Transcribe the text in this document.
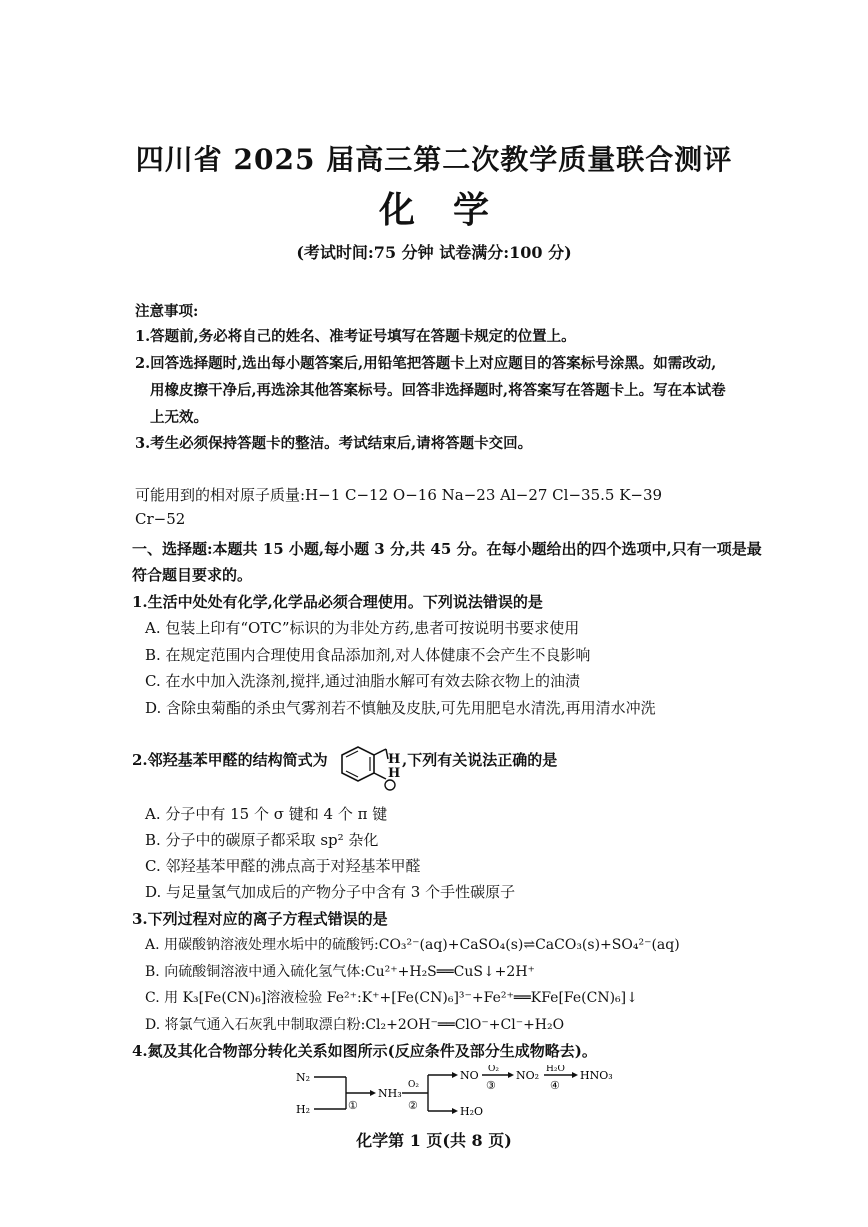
四川省 2025 届高三第二次教学质量联合测评
化学
(考试时间:75 分钟 试卷满分:100 分)
注意事项:
1.答题前,务必将自己的姓名、准考证号填写在答题卡规定的位置上。
2.回答选择题时,选出每小题答案后,用铅笔把答题卡上对应题目的答案标号涂黑。如需改动,
用橡皮擦干净后,再选涂其他答案标号。回答非选择题时,将答案写在答题卡上。写在本试卷
上无效。
3.考生必须保持答题卡的整洁。考试结束后,请将答题卡交回。
可能用到的相对原子质量:H−1 C−12 O−16 Na−23 Al−27 Cl−35.5 K−39
Cr−52
一、选择题:本题共 15 小题,每小题 3 分,共 45 分。在每小题给出的四个选项中,只有一项是最
符合题目要求的。
1.生活中处处有化学,化学品必须合理使用。下列说法错误的是
A. 包装上印有“OTC”标识的为非处方药,患者可按说明书要求使用
B. 在规定范围内合理使用食品添加剂,对人体健康不会产生不良影响
C. 在水中加入洗涤剂,搅拌,通过油脂水解可有效去除衣物上的油渍
D. 含除虫菊酯的杀虫气雾剂若不慎触及皮肤,可先用肥皂水清洗,再用清水冲洗
2.邻羟基苯甲醛的结构简式为	H
H
,下列有关说法正确的是
A. 分子中有 15 个 σ 键和 4 个 π 键
B. 分子中的碳原子都采取 sp² 杂化
C. 邻羟基苯甲醛的沸点高于对羟基苯甲醛
D. 与足量氢气加成后的产物分子中含有 3 个手性碳原子
3.下列过程对应的离子方程式错误的是
A. 用碳酸钠溶液处理水垢中的硫酸钙:CO₃²⁻(aq)+CaSO₄(s)⇌CaCO₃(s)+SO₄²⁻(aq)
B. 向硫酸铜溶液中通入硫化氢气体:Cu²⁺+H₂S══CuS↓+2H⁺
C. 用 K₃[Fe(CN)₆]溶液检验 Fe²⁺:K⁺+[Fe(CN)₆]³⁻+Fe²⁺══KFe[Fe(CN)₆]↓
D. 将氯气通入石灰乳中制取漂白粉:Cl₂+2OH⁻══ClO⁻+Cl⁻+H₂O
4.氮及其化合物部分转化关系如图所示(反应条件及部分生成物略去)。
N₂
H₂	①
NH₃
O₂
②
NO
H₂O
O₂
③
NO₂ H₂O
④
HNO₃
化学第 1 页(共 8 页)
